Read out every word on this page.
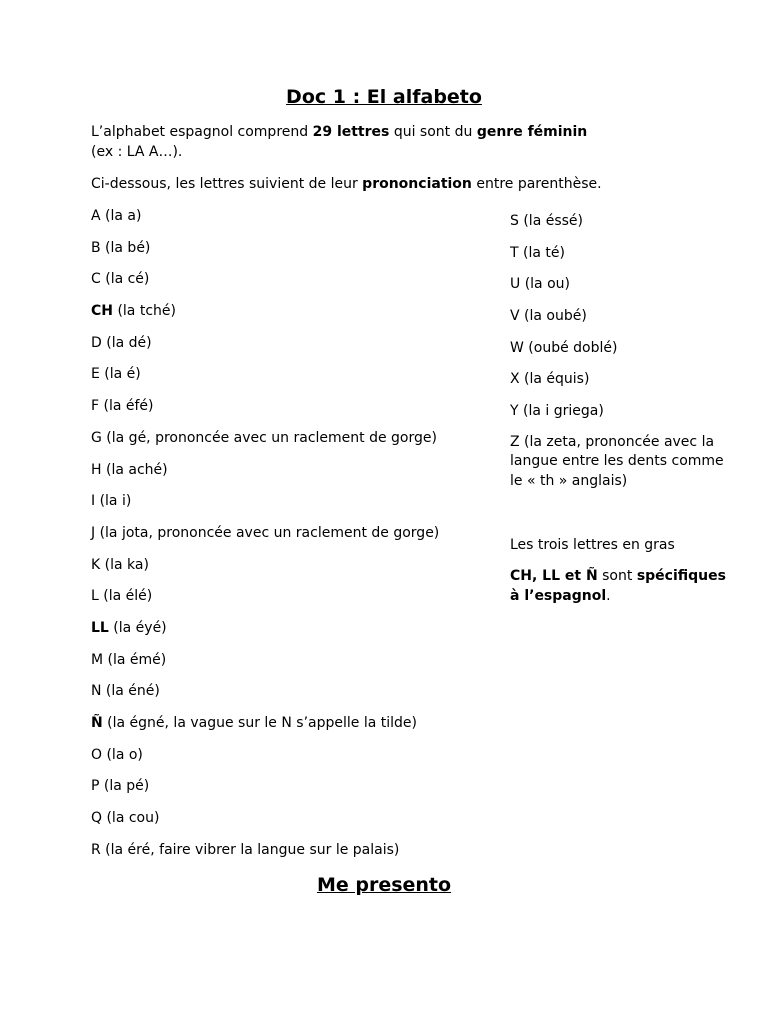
Doc 1 : El alfabeto

L’alphabet espagnol comprend 29 lettres qui sont du genre féminin
(ex : LA A…).

Ci-dessous, les lettres suivient de leur prononciation entre parenthèse.

A (la a)
B (la bé)
C (la cé)
CH (la tché)
D (la dé)
E (la é)
F (la éfé)
G (la gé, prononcée avec un raclement de gorge)
H (la aché)
I (la i)
J (la jota, prononcée avec un raclement de gorge)
K (la ka)
L (la élé)
LL (la éyé)
M (la émé)
N (la éné)
Ñ (la égné, la vague sur le N s’appelle la tilde)
O (la o)
P (la pé)
Q (la cou)
R (la éré, faire vibrer la langue sur le palais)
S (la éssé)
T (la té)
U (la ou)
V (la oubé)
W (oubé doblé)
X (la équis)
Y (la i griega)
Z (la zeta, prononcée avec la langue entre les dents comme le « th » anglais)

Les trois lettres en gras

CH, LL et Ñ sont spécifiques à l’espagnol.

Me presento
